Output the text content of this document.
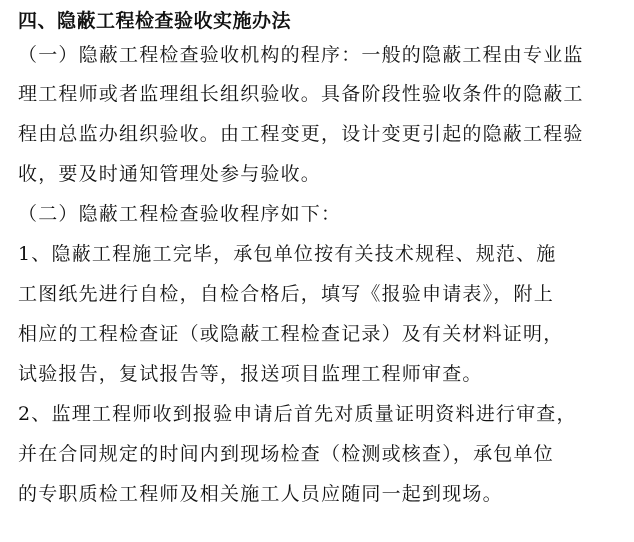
四、隐蔽工程检查验收实施办法
（一）隐蔽工程检查验收机构的程序：一般的隐蔽工程由专业监
理工程师或者监理组长组织验收。具备阶段性验收条件的隐蔽工
程由总监办组织验收。由工程变更，设计变更引起的隐蔽工程验
收，要及时通知管理处参与验收。
（二）隐蔽工程检查验收程序如下：
1、隐蔽工程施工完毕，承包单位按有关技术规程、规范、施
工图纸先进行自检，自检合格后，填写《报验申请表》，附上
相应的工程检查证（或隐蔽工程检查记录）及有关材料证明，
试验报告，复试报告等，报送项目监理工程师审查。
2、监理工程师收到报验申请后首先对质量证明资料进行审查，
并在合同规定的时间内到现场检查（检测或核查），承包单位
的专职质检工程师及相关施工人员应随同一起到现场。
